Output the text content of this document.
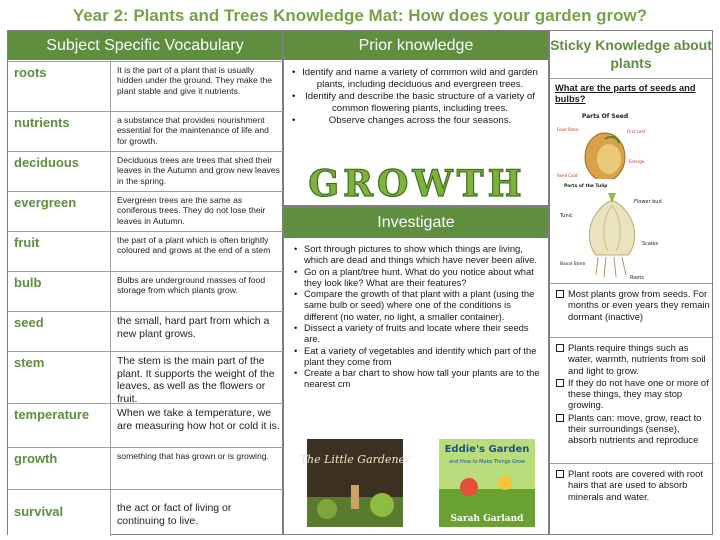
Year 2: Plants and Trees Knowledge Mat: How does your garden grow?
Subject Specific Vocabulary
roots	It is the part of a plant that is usually hidden under the ground. They make the plant stable and give it nutrients.
nutrients	a substance that provides nourishment essential for the maintenance of life and for growth.
deciduous	Deciduous trees are trees that shed their leaves in the Autumn and grow new leaves in the spring.
evergreen	Evergreen trees are the same as coniferous trees. They do not lose their leaves in Autumn.
fruit	the part of a plant which is often brightly coloured and grows at the end of a stem
bulb	Bulbs are underground masses of food storage from which plants grow.
seed	the small, hard part from which a new plant grows.
stem	The stem is the main part of the plant. It supports the weight of the leaves, as well as the flowers or fruit.
temperature	When we take a temperature, we are measuring how hot or cold it is.
growth	something that has grown or is growing.
survival	the act or fact of living or continuing to live.
Prior knowledge
• Identify and name a variety of common wild and garden plants, including deciduous and evergreen trees.
• Identify and describe the basic structure of a variety of common flowering plants, including trees.
• Observe changes across the four seasons.
GROWTH
Investigate
• Sort through pictures to show which things are living, which are dead and things which have never been alive.
• Go on a plant/tree hunt. What do you notice about what they look like? What are their features?
• Compare the growth of that plant with a plant (using the same bulb or seed) where one of the conditions is different (no water, no light, a smaller container).
• Dissect a variety of fruits and locate where their seeds are.
• Eat a variety of vegetables and identify which part of the plant they come from
• Create a bar chart to show how tall your plants are to the nearest cm
The Little Gardener
Eddie's Garden
and How to Make Things Grow
Sarah Garland
Sticky Knowledge about plants
What are the parts of seeds and bulbs?
Parts Of Seed
Food Store	First Leaf
Enlarge
Seed Coat
Parts of the Tulip
Tunic
Flower bud
Scales
Basal Stem
Roots
Most plants grow from seeds. For months or even years they remain dormant (inactive)
Plants require things such as water, warmth, nutrients from soil and light to grow.
If they do not have one or more of these things, they may stop growing.
Plants can: move, grow, react to their surroundings (sense), absorb nutrients and reproduce
Plant roots are covered with root hairs that are used to absorb minerals and water.
